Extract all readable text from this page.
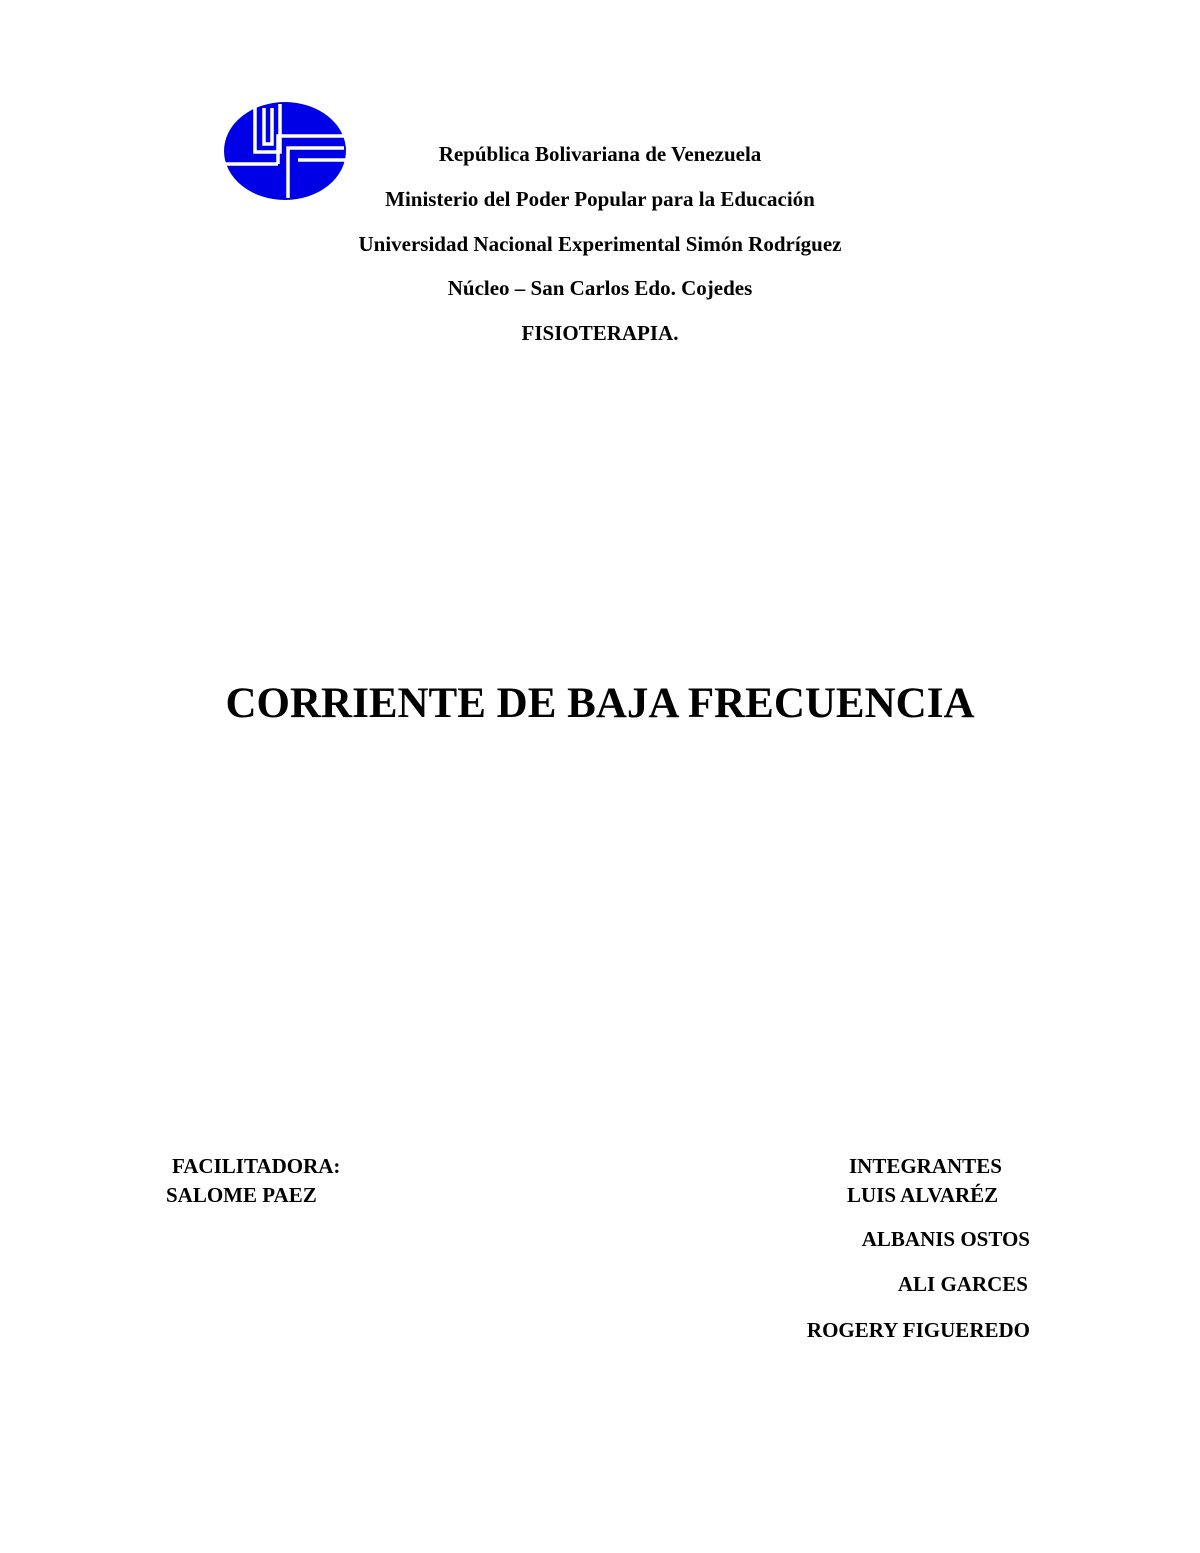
República Bolivariana de Venezuela
Ministerio del Poder Popular para la Educación
Universidad Nacional Experimental Simón Rodríguez
Núcleo – San Carlos Edo. Cojedes
FISIOTERAPIA.
CORRIENTE DE BAJA FRECUENCIA
FACILITADORA:
SALOME PAEZ
INTEGRANTES
LUIS ALVARÉZ
ALBANIS OSTOS
ALI GARCES
ROGERY FIGUEREDO
